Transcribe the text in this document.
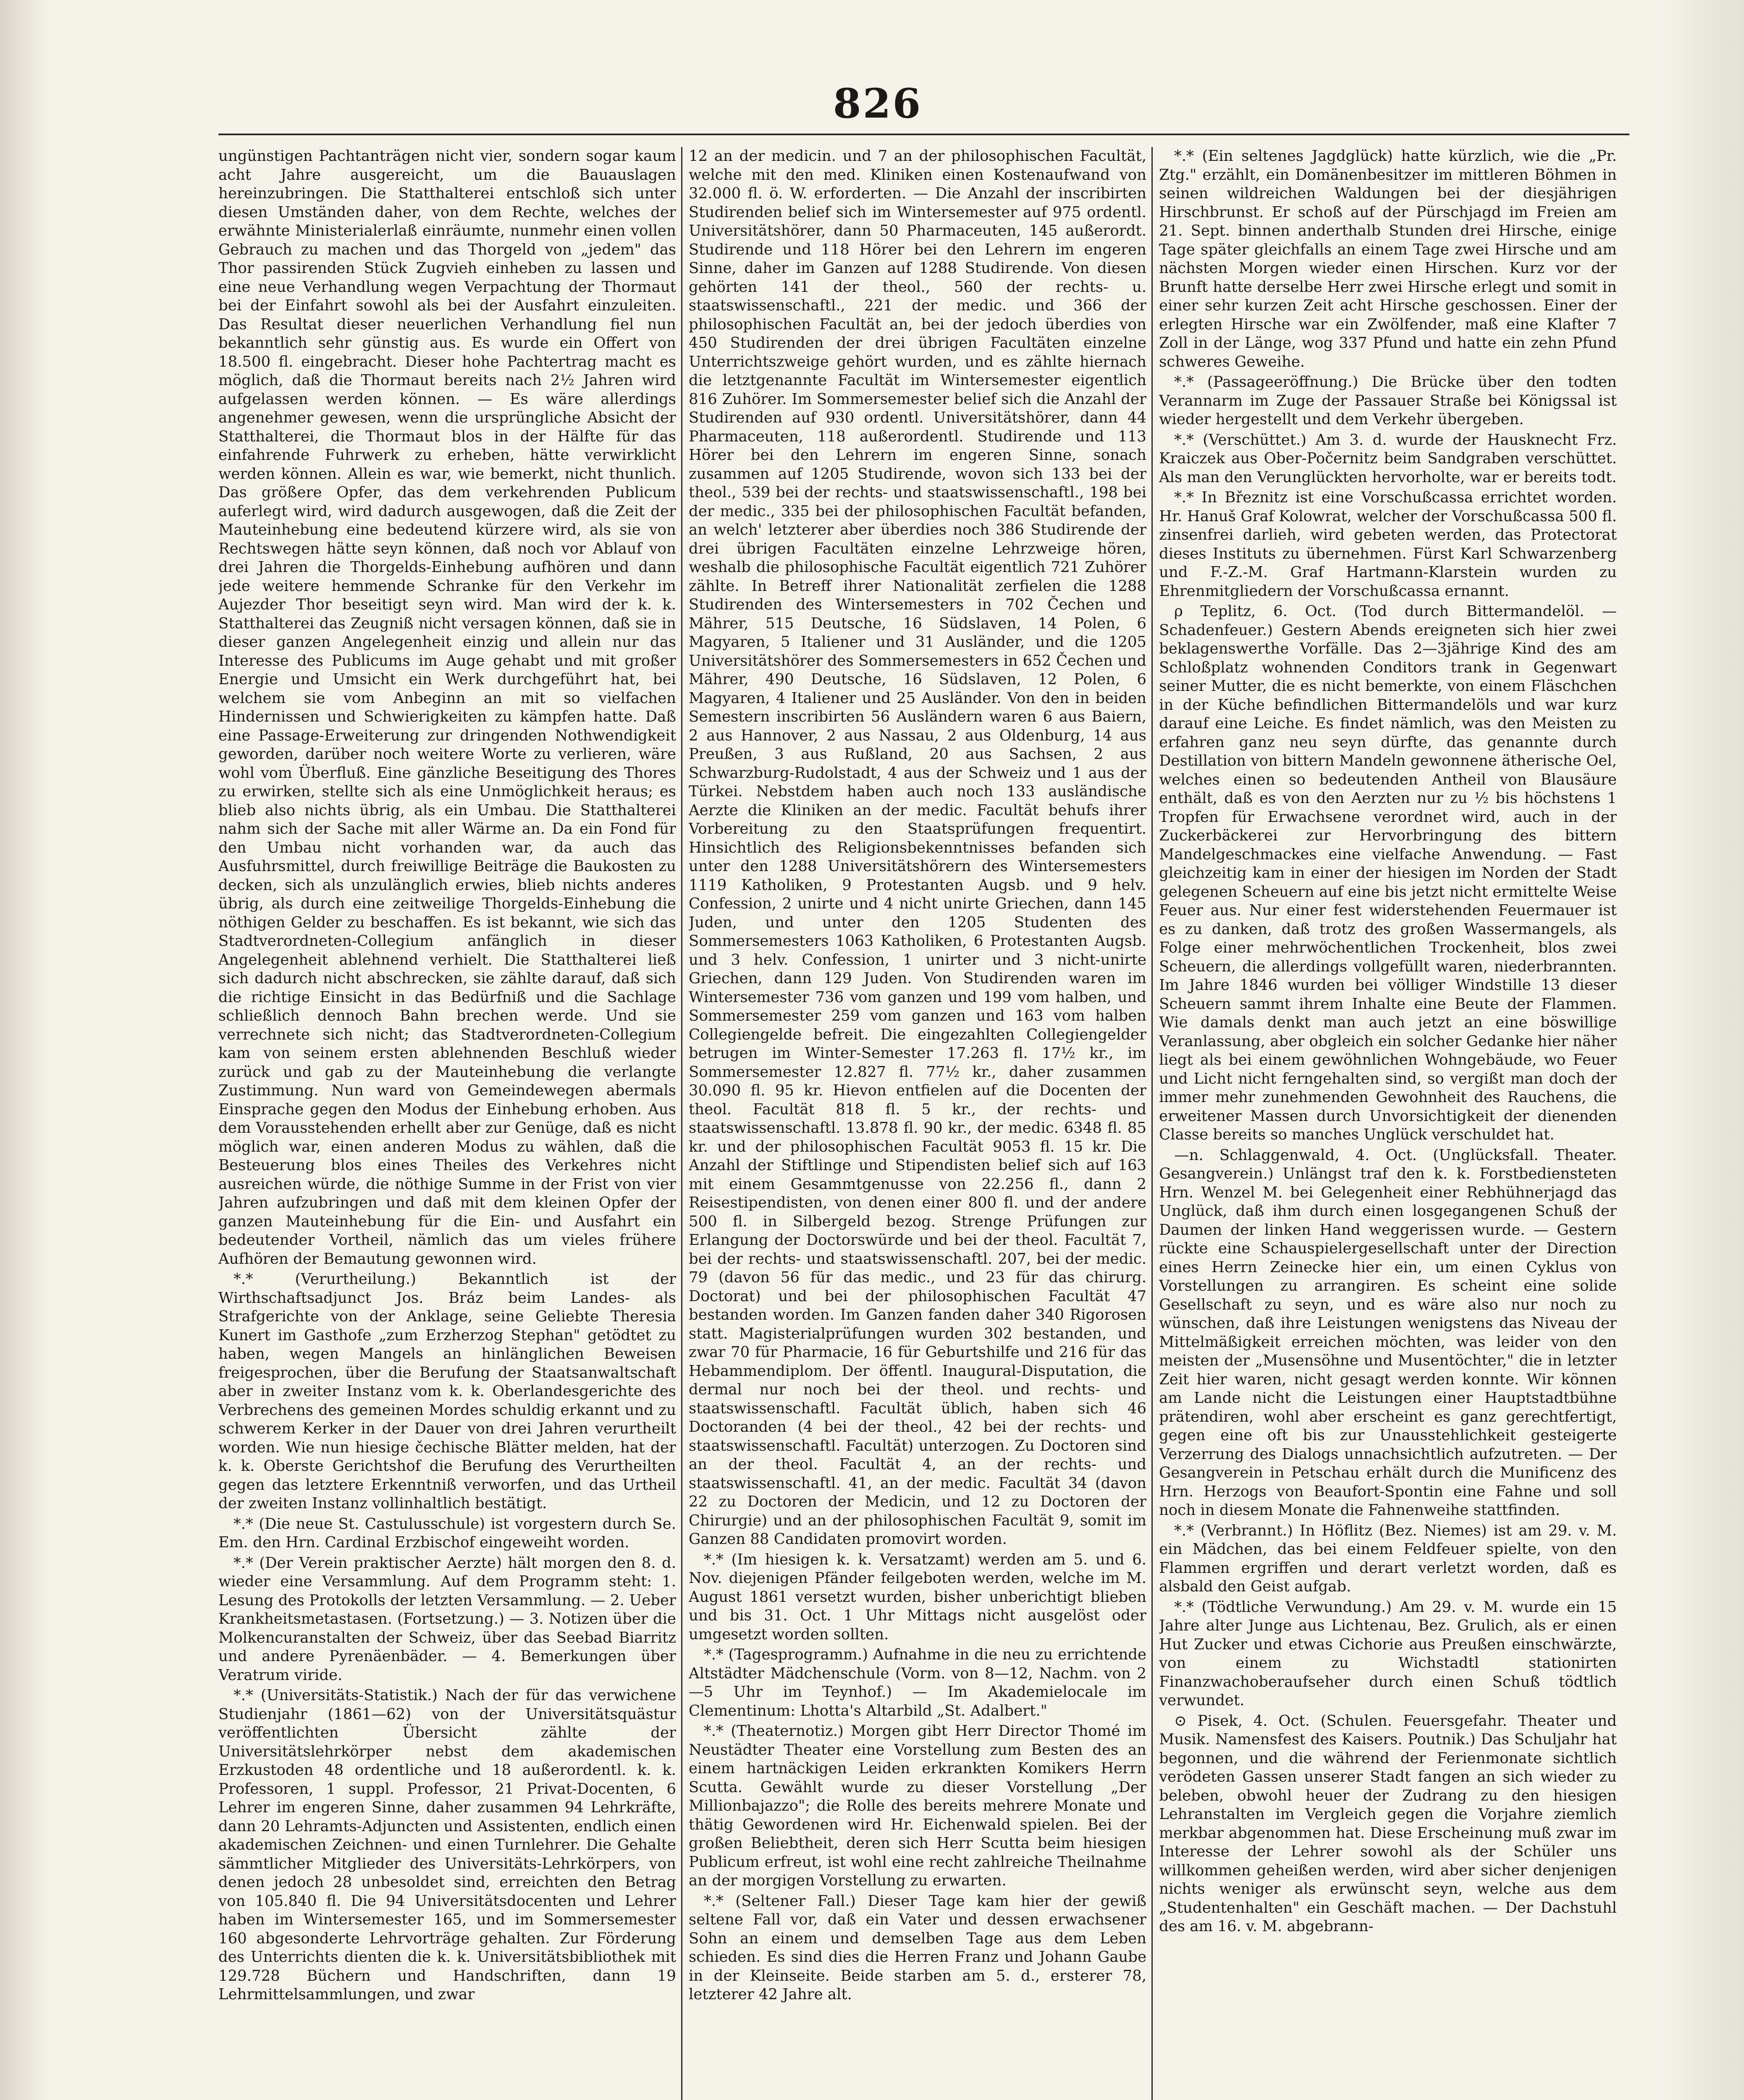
826

ungünstigen Pachtanträgen nicht vier, sondern sogar kaum acht Jahre ausgereicht, um die Bauauslagen hereinzubringen. Die Statthalterei entschloß sich unter diesen Umständen daher, von dem Rechte, welches der erwähnte Ministerialerlaß einräumte, nunmehr einen vollen Gebrauch zu machen und das Thorgeld von „jedem" das Thor passirenden Stück Zugvieh einheben zu lassen und eine neue Verhandlung wegen Verpachtung der Thormaut bei der Einfahrt sowohl als bei der Ausfahrt einzuleiten. Das Resultat dieser neuerlichen Verhandlung fiel nun bekanntlich sehr günstig aus. Es wurde ein Offert von 18.500 fl. eingebracht. Dieser hohe Pachtertrag macht es möglich, daß die Thormaut bereits nach 2½ Jahren wird aufgelassen werden können. — Es wäre allerdings angenehmer gewesen, wenn die ursprüngliche Absicht der Statthalterei, die Thormaut blos in der Hälfte für das einfahrende Fuhrwerk zu erheben, hätte verwirklicht werden können. Allein es war, wie bemerkt, nicht thunlich. Das größere Opfer, das dem verkehrenden Publicum auferlegt wird, wird dadurch ausgewogen, daß die Zeit der Mauteinhebung eine bedeutend kürzere wird, als sie von Rechtswegen hätte seyn können, daß noch vor Ablauf von drei Jahren die Thorgelds-Einhebung aufhören und dann jede weitere hemmende Schranke für den Verkehr im Aujezder Thor beseitigt seyn wird. Man wird der k. k. Statthalterei das Zeugniß nicht versagen können, daß sie in dieser ganzen Angelegenheit einzig und allein nur das Interesse des Publicums im Auge gehabt und mit großer Energie und Umsicht ein Werk durchgeführt hat, bei welchem sie vom Anbeginn an mit so vielfachen Hindernissen und Schwierigkeiten zu kämpfen hatte. Daß eine Passage-Erweiterung zur dringenden Nothwendigkeit geworden, darüber noch weitere Worte zu verlieren, wäre wohl vom Überfluß. Eine gänzliche Beseitigung des Thores zu erwirken, stellte sich als eine Unmöglichkeit heraus; es blieb also nichts übrig, als ein Umbau. Die Statthalterei nahm sich der Sache mit aller Wärme an. Da ein Fond für den Umbau nicht vorhanden war, da auch das Ausfuhrsmittel, durch freiwillige Beiträge die Baukosten zu decken, sich als unzulänglich erwies, blieb nichts anderes übrig, als durch eine zeitweilige Thorgelds-Einhebung die nöthigen Gelder zu beschaffen. Es ist bekannt, wie sich das Stadtverordneten-Collegium anfänglich in dieser Angelegenheit ablehnend verhielt. Die Statthalterei ließ sich dadurch nicht abschrecken, sie zählte darauf, daß sich die richtige Einsicht in das Bedürfniß und die Sachlage schließlich dennoch Bahn brechen werde. Und sie verrechnete sich nicht; das Stadtverordneten-Collegium kam von seinem ersten ablehnenden Beschluß wieder zurück und gab zu der Mauteinhebung die verlangte Zustimmung. Nun ward von Gemeindewegen abermals Einsprache gegen den Modus der Einhebung erhoben. Aus dem Vorausstehenden erhellt aber zur Genüge, daß es nicht möglich war, einen anderen Modus zu wählen, daß die Besteuerung blos eines Theiles des Verkehres nicht ausreichen würde, die nöthige Summe in der Frist von vier Jahren aufzubringen und daß mit dem kleinen Opfer der ganzen Mauteinhebung für die Ein- und Ausfahrt ein bedeutender Vortheil, nämlich das um vieles frühere Aufhören der Bemautung gewonnen wird.

*.* (Verurtheilung.) Bekanntlich ist der Wirthschaftsadjunct Jos. Bráz beim Landes- als Strafgerichte von der Anklage, seine Geliebte Theresia Kunert im Gasthofe „zum Erzherzog Stephan" getödtet zu haben, wegen Mangels an hinlänglichen Beweisen freigesprochen, über die Berufung der Staatsanwaltschaft aber in zweiter Instanz vom k. k. Oberlandesgerichte des Verbrechens des gemeinen Mordes schuldig erkannt und zu schwerem Kerker in der Dauer von drei Jahren verurtheilt worden. Wie nun hiesige čechische Blätter melden, hat der k. k. Oberste Gerichtshof die Berufung des Verurtheilten gegen das letztere Erkenntniß verworfen, und das Urtheil der zweiten Instanz vollinhaltlich bestätigt.

*.* (Die neue St. Castulusschule) ist vorgestern durch Se. Em. den Hrn. Cardinal Erzbischof eingeweiht worden.

*.* (Der Verein praktischer Aerzte) hält morgen den 8. d. wieder eine Versammlung. Auf dem Programm steht: 1. Lesung des Protokolls der letzten Versammlung. — 2. Ueber Krankheitsmetastasen. (Fortsetzung.) — 3. Notizen über die Molkencuranstalten der Schweiz, über das Seebad Biarritz und andere Pyrenäenbäder. — 4. Bemerkungen über Veratrum viride.

*.* (Universitäts-Statistik.) Nach der für das verwichene Studienjahr (1861—62) von der Universitätsquästur veröffentlichten Übersicht zählte der Universitätslehrkörper nebst dem akademischen Erzkustoden 48 ordentliche und 18 außerordentl. k. k. Professoren, 1 suppl. Professor, 21 Privat-Docenten, 6 Lehrer im engeren Sinne, daher zusammen 94 Lehrkräfte, dann 20 Lehramts-Adjuncten und Assistenten, endlich einen akademischen Zeichnen- und einen Turnlehrer. Die Gehalte sämmtlicher Mitglieder des Universitäts-Lehrkörpers, von denen jedoch 28 unbesoldet sind, erreichten den Betrag von 105.840 fl. Die 94 Universitätsdocenten und Lehrer haben im Wintersemester 165, und im Sommersemester 160 abgesonderte Lehrvorträge gehalten. Zur Förderung des Unterrichts dienten die k. k. Universitätsbibliothek mit 129.728 Büchern und Handschriften, dann 19 Lehrmittelsammlungen, und zwar

12 an der medicin. und 7 an der philosophischen Facultät, welche mit den med. Kliniken einen Kostenaufwand von 32.000 fl. ö. W. erforderten. — Die Anzahl der inscribirten Studirenden belief sich im Wintersemester auf 975 ordentl. Universitätshörer, dann 50 Pharmaceuten, 145 außerordt. Studirende und 118 Hörer bei den Lehrern im engeren Sinne, daher im Ganzen auf 1288 Studirende. Von diesen gehörten 141 der theol., 560 der rechts- u. staatswissenschaftl., 221 der medic. und 366 der philosophischen Facultät an, bei der jedoch überdies von 450 Studirenden der drei übrigen Facultäten einzelne Unterrichtszweige gehört wurden, und es zählte hiernach die letztgenannte Facultät im Wintersemester eigentlich 816 Zuhörer. Im Sommersemester belief sich die Anzahl der Studirenden auf 930 ordentl. Universitätshörer, dann 44 Pharmaceuten, 118 außerordentl. Studirende und 113 Hörer bei den Lehrern im engeren Sinne, sonach zusammen auf 1205 Studirende, wovon sich 133 bei der theol., 539 bei der rechts- und staatswissenschaftl., 198 bei der medic., 335 bei der philosophischen Facultät befanden, an welch' letzterer aber überdies noch 386 Studirende der drei übrigen Facultäten einzelne Lehrzweige hören, weshalb die philosophische Facultät eigentlich 721 Zuhörer zählte. In Betreff ihrer Nationalität zerfielen die 1288 Studirenden des Wintersemesters in 702 Čechen und Mährer, 515 Deutsche, 16 Südslaven, 14 Polen, 6 Magyaren, 5 Italiener und 31 Ausländer, und die 1205 Universitätshörer des Sommersemesters in 652 Čechen und Mährer, 490 Deutsche, 16 Südslaven, 12 Polen, 6 Magyaren, 4 Italiener und 25 Ausländer. Von den in beiden Semestern inscribirten 56 Ausländern waren 6 aus Baiern, 2 aus Hannover, 2 aus Nassau, 2 aus Oldenburg, 14 aus Preußen, 3 aus Rußland, 20 aus Sachsen, 2 aus Schwarzburg-Rudolstadt, 4 aus der Schweiz und 1 aus der Türkei. Nebstdem haben auch noch 133 ausländische Aerzte die Kliniken an der medic. Facultät behufs ihrer Vorbereitung zu den Staatsprüfungen frequentirt. Hinsichtlich des Religionsbekenntnisses befanden sich unter den 1288 Universitätshörern des Wintersemesters 1119 Katholiken, 9 Protestanten Augsb. und 9 helv. Confession, 2 unirte und 4 nicht unirte Griechen, dann 145 Juden, und unter den 1205 Studenten des Sommersemesters 1063 Katholiken, 6 Protestanten Augsb. und 3 helv. Confession, 1 unirter und 3 nicht-unirte Griechen, dann 129 Juden. Von Studirenden waren im Wintersemester 736 vom ganzen und 199 vom halben, und Sommersemester 259 vom ganzen und 163 vom halben Collegiengelde befreit. Die eingezahlten Collegiengelder betrugen im Winter-Semester 17.263 fl. 17½ kr., im Sommersemester 12.827 fl. 77½ kr., daher zusammen 30.090 fl. 95 kr. Hievon entfielen auf die Docenten der theol. Facultät 818 fl. 5 kr., der rechts- und staatswissenschaftl. 13.878 fl. 90 kr., der medic. 6348 fl. 85 kr. und der philosophischen Facultät 9053 fl. 15 kr. Die Anzahl der Stiftlinge und Stipendisten belief sich auf 163 mit einem Gesammtgenusse von 22.256 fl., dann 2 Reisestipendisten, von denen einer 800 fl. und der andere 500 fl. in Silbergeld bezog. Strenge Prüfungen zur Erlangung der Doctorswürde und bei der theol. Facultät 7, bei der rechts- und staatswissenschaftl. 207, bei der medic. 79 (davon 56 für das medic., und 23 für das chirurg. Doctorat) und bei der philosophischen Facultät 47 bestanden worden. Im Ganzen fanden daher 340 Rigorosen statt. Magisterialprüfungen wurden 302 bestanden, und zwar 70 für Pharmacie, 16 für Geburtshilfe und 216 für das Hebammendiplom. Der öffentl. Inaugural-Disputation, die dermal nur noch bei der theol. und rechts- und staatswissenschaftl. Facultät üblich, haben sich 46 Doctoranden (4 bei der theol., 42 bei der rechts- und staatswissenschaftl. Facultät) unterzogen. Zu Doctoren sind an der theol. Facultät 4, an der rechts- und staatswissenschaftl. 41, an der medic. Facultät 34 (davon 22 zu Doctoren der Medicin, und 12 zu Doctoren der Chirurgie) und an der philosophischen Facultät 9, somit im Ganzen 88 Candidaten promovirt worden.

*.* (Im hiesigen k. k. Versatzamt) werden am 5. und 6. Nov. diejenigen Pfänder feilgeboten werden, welche im M. August 1861 versetzt wurden, bisher unberichtigt blieben und bis 31. Oct. 1 Uhr Mittags nicht ausgelöst oder umgesetzt worden sollten.

*.* (Tagesprogramm.) Aufnahme in die neu zu errichtende Altstädter Mädchenschule (Vorm. von 8—12, Nachm. von 2—5 Uhr im Teynhof.) — Im Akademielocale im Clementinum: Lhotta's Altarbild „St. Adalbert."

*.* (Theaternotiz.) Morgen gibt Herr Director Thomé im Neustädter Theater eine Vorstellung zum Besten des an einem hartnäckigen Leiden erkrankten Komikers Herrn Scutta. Gewählt wurde zu dieser Vorstellung „Der Millionbajazzo"; die Rolle des bereits mehrere Monate und thätig Gewordenen wird Hr. Eichenwald spielen. Bei der großen Beliebtheit, deren sich Herr Scutta beim hiesigen Publicum erfreut, ist wohl eine recht zahlreiche Theilnahme an der morgigen Vorstellung zu erwarten.

*.* (Seltener Fall.) Dieser Tage kam hier der gewiß seltene Fall vor, daß ein Vater und dessen erwachsener Sohn an einem und demselben Tage aus dem Leben schieden. Es sind dies die Herren Franz und Johann Gaube in der Kleinseite. Beide starben am 5. d., ersterer 78, letzterer 42 Jahre alt.

*.* (Ein seltenes Jagdglück) hatte kürzlich, wie die „Pr. Ztg." erzählt, ein Domänenbesitzer im mittleren Böhmen in seinen wildreichen Waldungen bei der diesjährigen Hirschbrunst. Er schoß auf der Pürschjagd im Freien am 21. Sept. binnen anderthalb Stunden drei Hirsche, einige Tage später gleichfalls an einem Tage zwei Hirsche und am nächsten Morgen wieder einen Hirschen. Kurz vor der Brunft hatte derselbe Herr zwei Hirsche erlegt und somit in einer sehr kurzen Zeit acht Hirsche geschossen. Einer der erlegten Hirsche war ein Zwölfender, maß eine Klafter 7 Zoll in der Länge, wog 337 Pfund und hatte ein zehn Pfund schweres Geweihe.

*.* (Passageeröffnung.) Die Brücke über den todten Verannarm im Zuge der Passauer Straße bei Königssal ist wieder hergestellt und dem Verkehr übergeben.

*.* (Verschüttet.) Am 3. d. wurde der Hausknecht Frz. Kraiczek aus Ober-Počernitz beim Sandgraben verschüttet. Als man den Verunglückten hervorholte, war er bereits todt.

*.* In Březnitz ist eine Vorschußcassa errichtet worden. Hr. Hanuš Graf Kolowrat, welcher der Vorschußcassa 500 fl. zinsenfrei darlieh, wird gebeten werden, das Protectorat dieses Instituts zu übernehmen. Fürst Karl Schwarzenberg und F.-Z.-M. Graf Hartmann-Klarstein wurden zu Ehrenmitgliedern der Vorschußcassa ernannt.

ρ Teplitz, 6. Oct. (Tod durch Bittermandelöl. — Schadenfeuer.) Gestern Abends ereigneten sich hier zwei beklagenswerthe Vorfälle. Das 2—3jährige Kind des am Schloßplatz wohnenden Conditors trank in Gegenwart seiner Mutter, die es nicht bemerkte, von einem Fläschchen in der Küche befindlichen Bittermandelöls und war kurz darauf eine Leiche. Es findet nämlich, was den Meisten zu erfahren ganz neu seyn dürfte, das genannte durch Destillation von bittern Mandeln gewonnene ätherische Oel, welches einen so bedeutenden Antheil von Blausäure enthält, daß es von den Aerzten nur zu ½ bis höchstens 1 Tropfen für Erwachsene verordnet wird, auch in der Zuckerbäckerei zur Hervorbringung des bittern Mandelgeschmackes eine vielfache Anwendung. — Fast gleichzeitig kam in einer der hiesigen im Norden der Stadt gelegenen Scheuern auf eine bis jetzt nicht ermittelte Weise Feuer aus. Nur einer fest widerstehenden Feuermauer ist es zu danken, daß trotz des großen Wassermangels, als Folge einer mehrwöchentlichen Trockenheit, blos zwei Scheuern, die allerdings vollgefüllt waren, niederbrannten. Im Jahre 1846 wurden bei völliger Windstille 13 dieser Scheuern sammt ihrem Inhalte eine Beute der Flammen. Wie damals denkt man auch jetzt an eine böswillige Veranlassung, aber obgleich ein solcher Gedanke hier näher liegt als bei einem gewöhnlichen Wohngebäude, wo Feuer und Licht nicht ferngehalten sind, so vergißt man doch der immer mehr zunehmenden Gewohnheit des Rauchens, die erweitener Massen durch Unvorsichtigkeit der dienenden Classe bereits so manches Unglück verschuldet hat.

—n. Schlaggenwald, 4. Oct. (Unglücksfall. Theater. Gesangverein.) Unlängst traf den k. k. Forstbediensteten Hrn. Wenzel M. bei Gelegenheit einer Rebhühnerjagd das Unglück, daß ihm durch einen losgegangenen Schuß der Daumen der linken Hand weggerissen wurde. — Gestern rückte eine Schauspielergesellschaft unter der Direction eines Herrn Zeinecke hier ein, um einen Cyklus von Vorstellungen zu arrangiren. Es scheint eine solide Gesellschaft zu seyn, und es wäre also nur noch zu wünschen, daß ihre Leistungen wenigstens das Niveau der Mittelmäßigkeit erreichen möchten, was leider von den meisten der „Musensöhne und Musentöchter," die in letzter Zeit hier waren, nicht gesagt werden konnte. Wir können am Lande nicht die Leistungen einer Hauptstadtbühne prätendiren, wohl aber erscheint es ganz gerechtfertigt, gegen eine oft bis zur Unausstehlichkeit gesteigerte Verzerrung des Dialogs unnachsichtlich aufzutreten. — Der Gesangverein in Petschau erhält durch die Munificenz des Hrn. Herzogs von Beaufort-Spontin eine Fahne und soll noch in diesem Monate die Fahnenweihe stattfinden.

*.* (Verbrannt.) In Höflitz (Bez. Niemes) ist am 29. v. M. ein Mädchen, das bei einem Feldfeuer spielte, von den Flammen ergriffen und derart verletzt worden, daß es alsbald den Geist aufgab.

*.* (Tödtliche Verwundung.) Am 29. v. M. wurde ein 15 Jahre alter Junge aus Lichtenau, Bez. Grulich, als er einen Hut Zucker und etwas Cichorie aus Preußen einschwärzte, von einem zu Wichstadtl stationirten Finanzwachoberaufseher durch einen Schuß tödtlich verwundet.

⊙ Pisek, 4. Oct. (Schulen. Feuersgefahr. Theater und Musik. Namensfest des Kaisers. Poutnik.) Das Schuljahr hat begonnen, und die während der Ferienmonate sichtlich verödeten Gassen unserer Stadt fangen an sich wieder zu beleben, obwohl heuer der Zudrang zu den hiesigen Lehranstalten im Vergleich gegen die Vorjahre ziemlich merkbar abgenommen hat. Diese Erscheinung muß zwar im Interesse der Lehrer sowohl als der Schüler uns willkommen geheißen werden, wird aber sicher denjenigen nichts weniger als erwünscht seyn, welche aus dem „Studentenhalten" ein Geschäft machen. — Der Dachstuhl des am 16. v. M. abgebrann-
